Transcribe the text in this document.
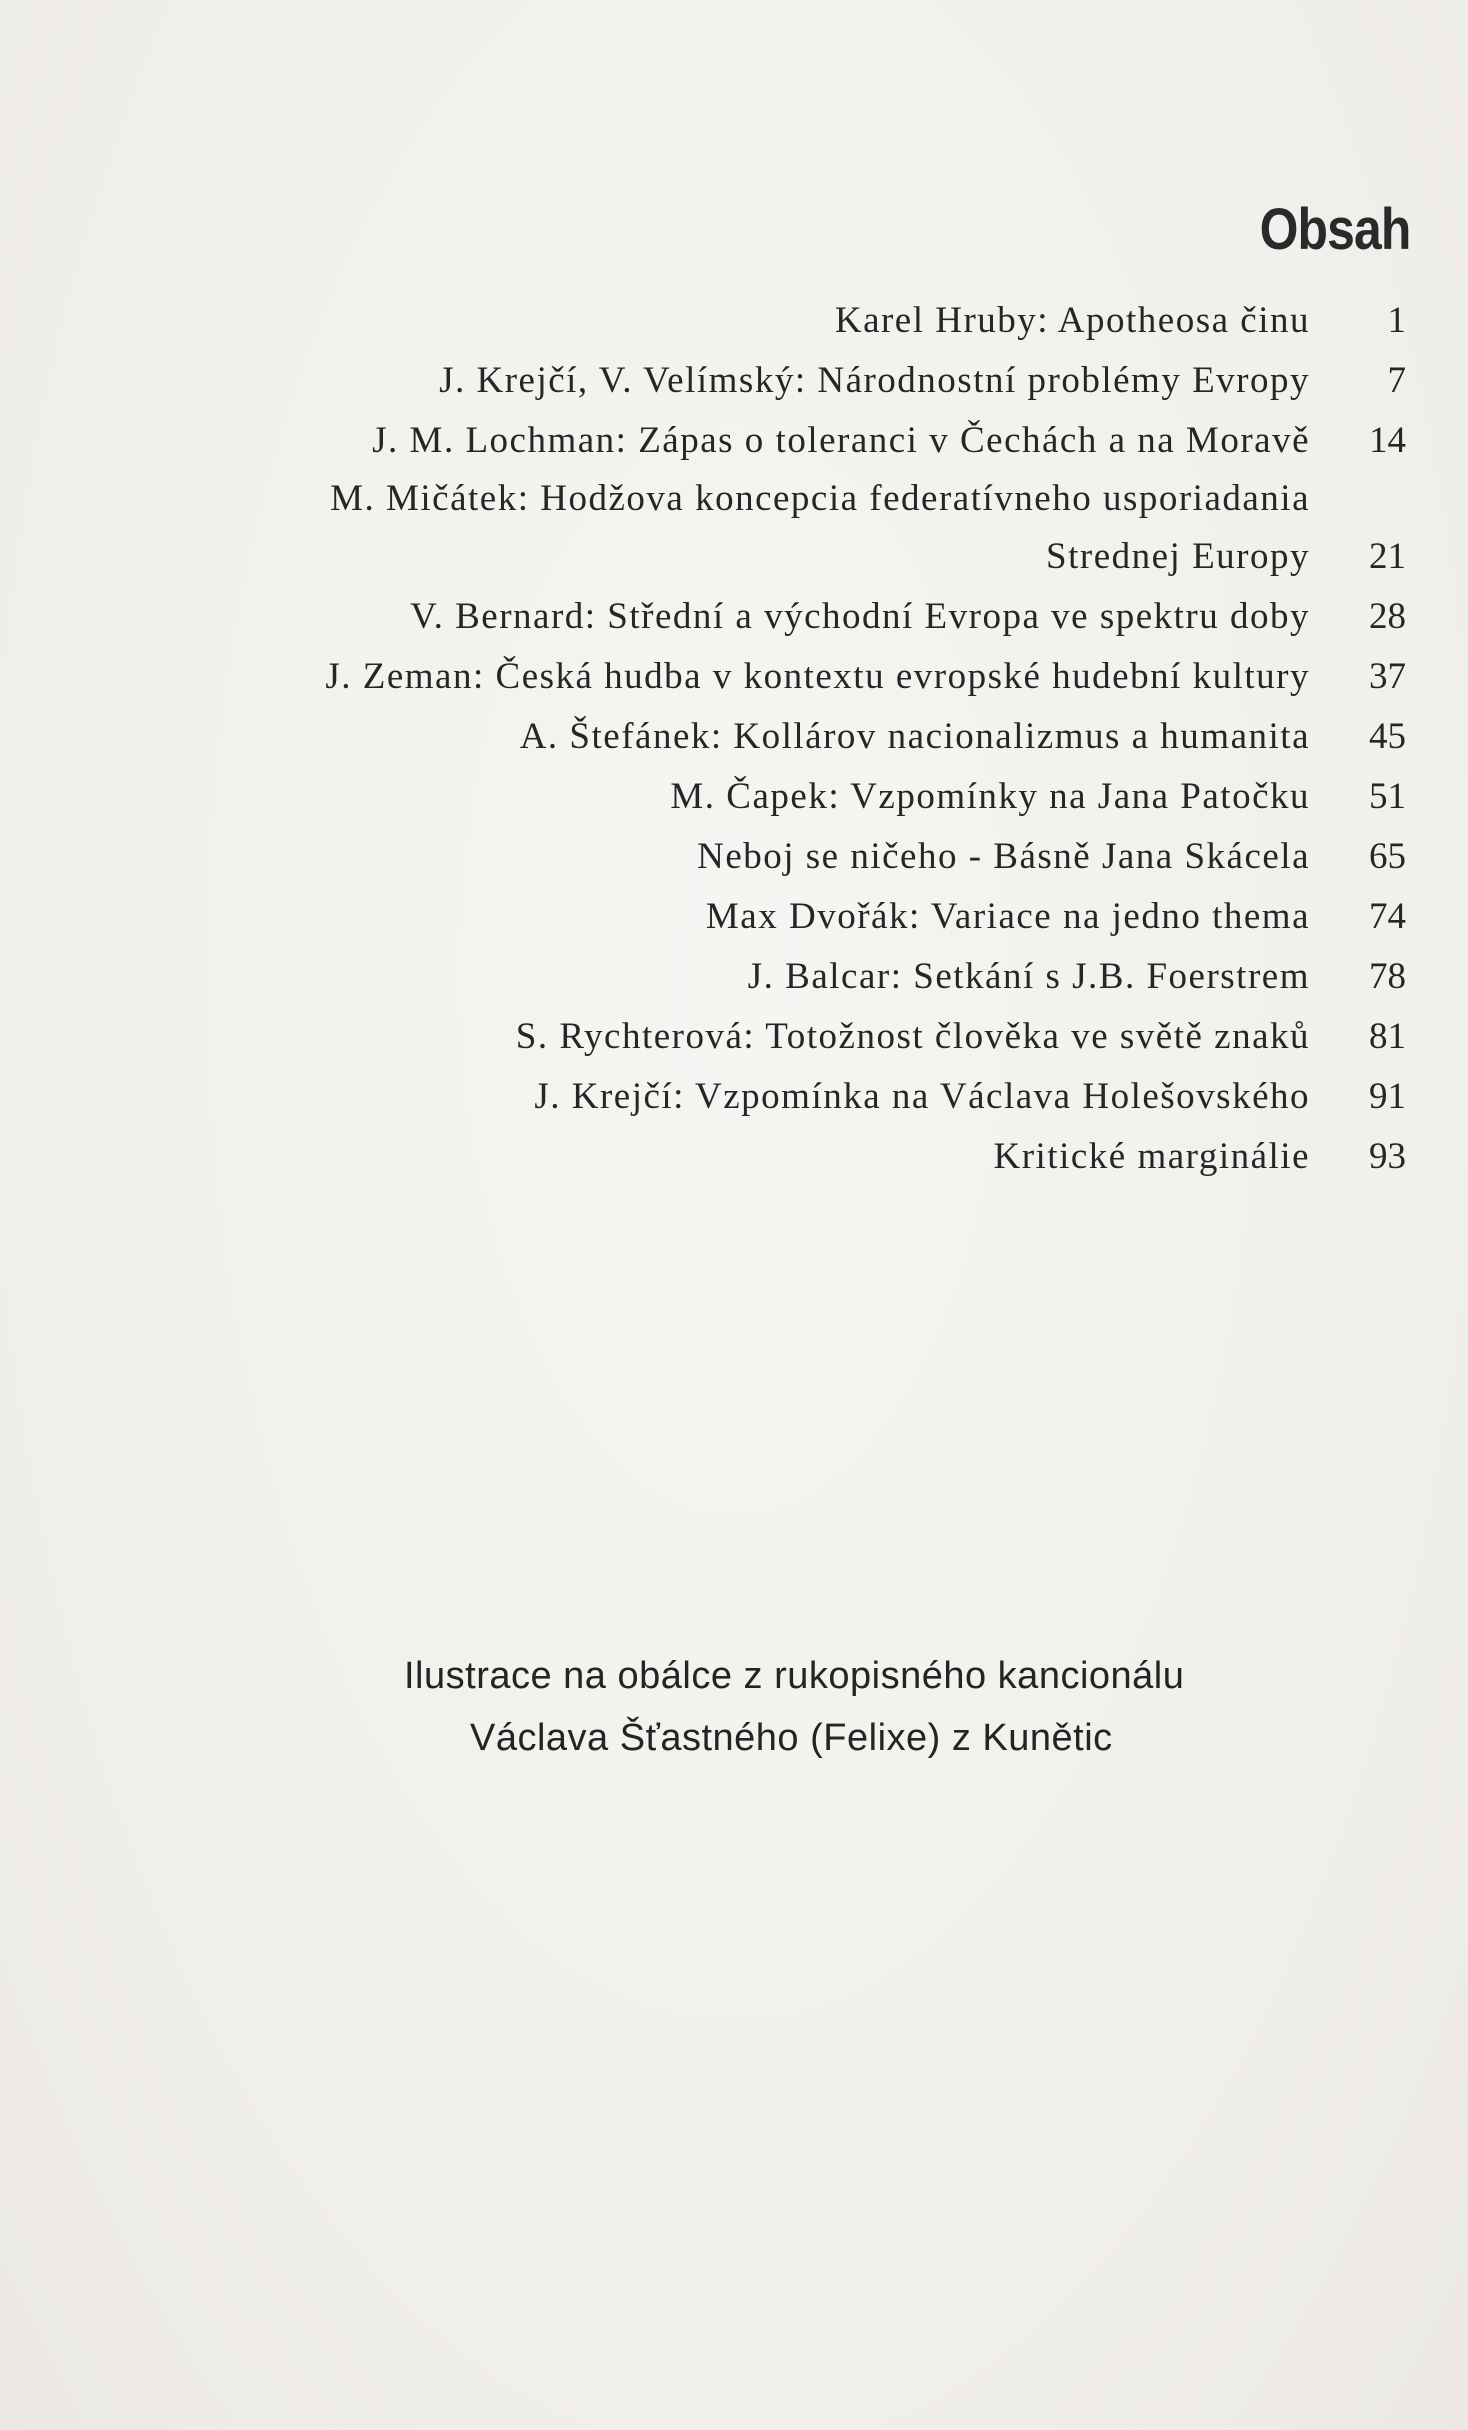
Obsah
Karel Hruby: Apotheosa činu 1
J. Krejčí, V. Velímský: Národnostní problémy Evropy 7
J. M. Lochman: Zápas o toleranci v Čechách a na Moravě 14
M. Mičátek: Hodžova koncepcia federatívneho usporiadania
Strednej Europy 21
V. Bernard: Střední a východní Evropa ve spektru doby 28
J. Zeman: Česká hudba v kontextu evropské hudební kultury 37
A. Štefánek: Kollárov nacionalizmus a humanita 45
M. Čapek: Vzpomínky na Jana Patočku 51
Neboj se ničeho - Básně Jana Skácela 65
Max Dvořák: Variace na jedno thema 74
J. Balcar: Setkání s J.B. Foerstrem 78
S. Rychterová: Totožnost člověka ve světě znaků 81
J. Krejčí: Vzpomínka na Václava Holešovského 91
Kritické marginálie 93
Ilustrace na obálce z rukopisného kancionálu
Václava Šťastného (Felixe) z Kunětic
